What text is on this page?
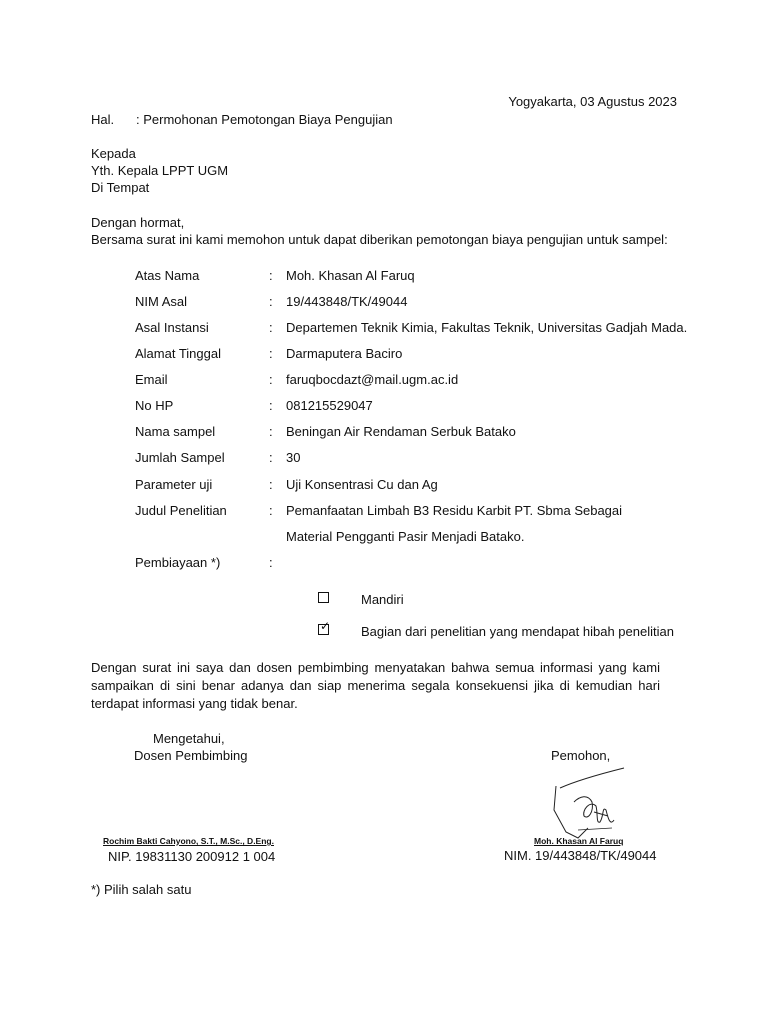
Yogyakarta, 03 Agustus 2023
Hal. : Permohonan Pemotongan Biaya Pengujian
Kepada
Yth. Kepala LPPT UGM
Di Tempat
Dengan hormat,
Bersama surat ini kami memohon untuk dapat diberikan pemotongan biaya pengujian untuk sampel:
Atas Nama	: Moh. Khasan Al Faruq
NIM Asal	: 19/443848/TK/49044
Asal Instansi	: Departemen Teknik Kimia, Fakultas Teknik, Universitas Gadjah Mada.
Alamat Tinggal	: Darmaputera Baciro
Email	: faruqbocdazt@mail.ugm.ac.id
No HP	: 081215529047
Nama sampel	: Beningan Air Rendaman Serbuk Batako
Jumlah Sampel	: 30
Parameter uji	: Uji Konsentrasi Cu dan Ag
Judul Penelitian	: Pemanfaatan Limbah B3 Residu Karbit PT. Sbma Sebagai
Material Pengganti Pasir Menjadi Batako.
Pembiayaan *)	:
Mandiri
✓ Bagian dari penelitian yang mendapat hibah penelitian
Dengan surat ini saya dan dosen pembimbing menyatakan bahwa semua informasi yang kami sampaikan di sini benar adanya dan siap menerima segala konsekuensi jika di kemudian hari terdapat informasi yang tidak benar.
Mengetahui,
Dosen Pembimbing	Pemohon,
Rochim Bakti Cahyono, S.T., M.Sc., D.Eng.
NIP. 19831130 200912 1 004
Moh. Khasan Al Faruq
NIM. 19/443848/TK/49044
*) Pilih salah satu
